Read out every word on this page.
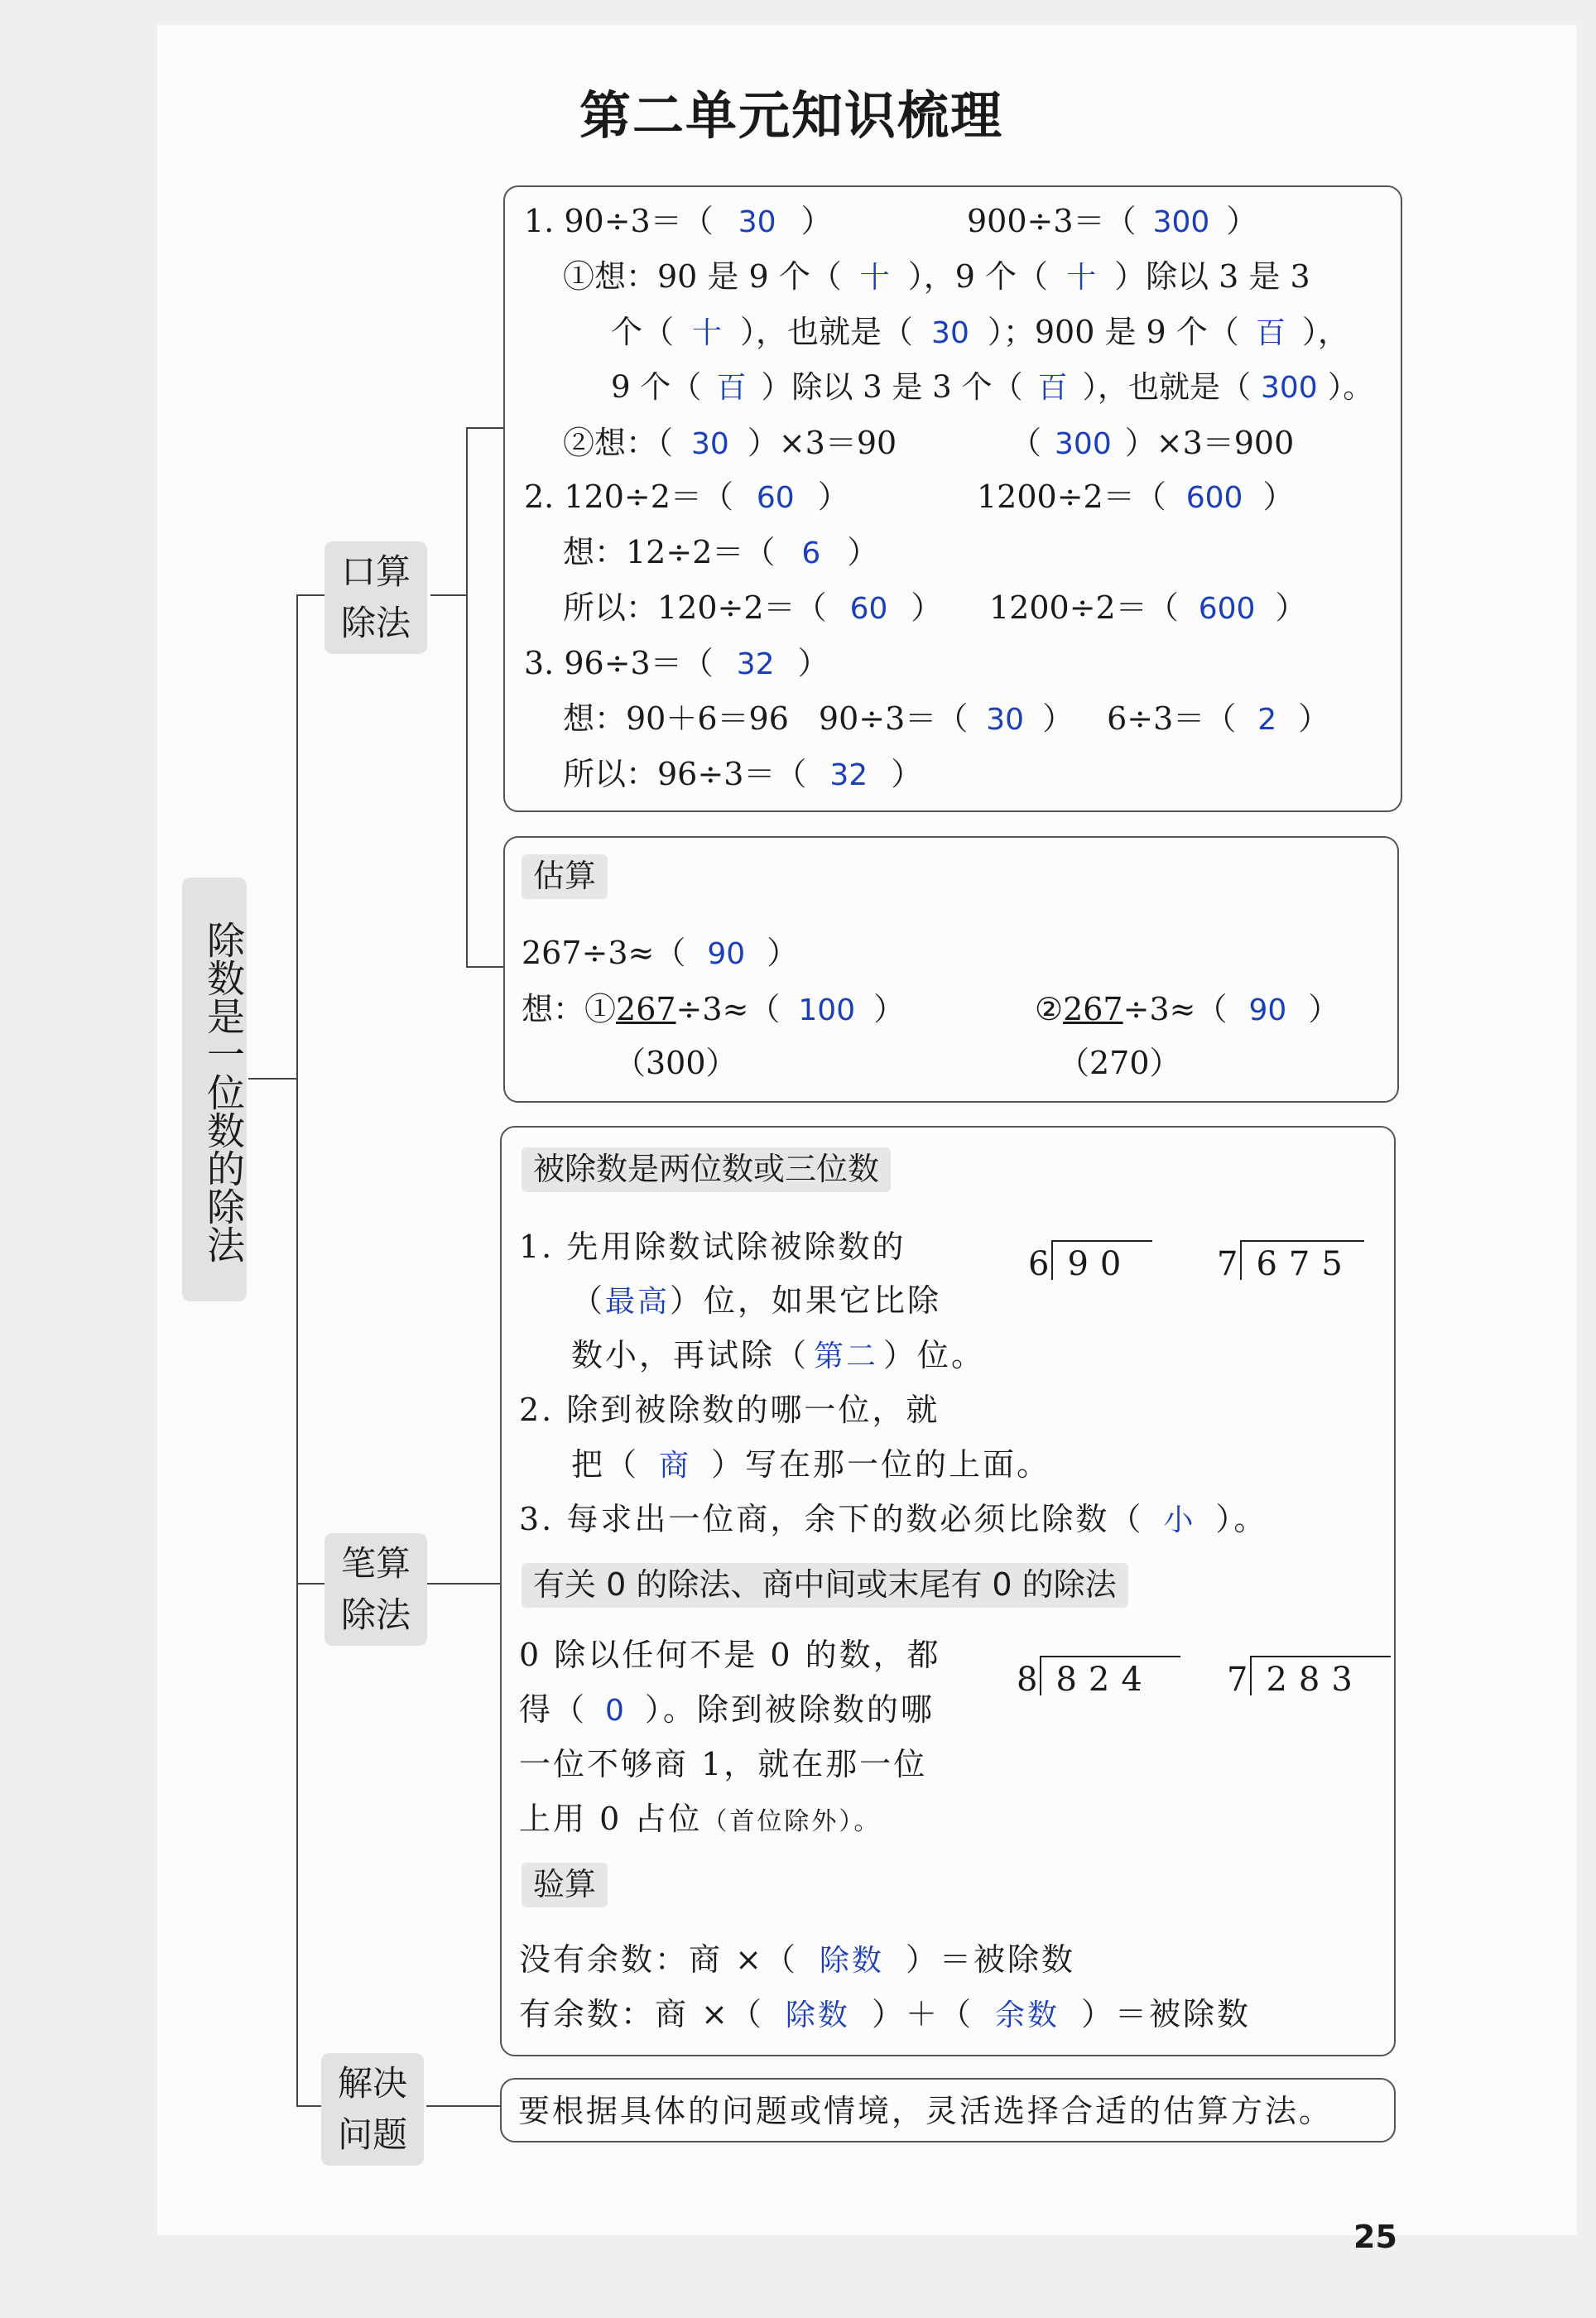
第二单元知识梳理
除数是一位数的除法
口算除法
笔算除法
解决问题
1. 90÷3＝（ 30 ）	900÷3＝（ 300 ）
①想：90 是 9 个（ 十 ），9 个（ 十 ）除以 3 是 3
个（ 十 ），也就是（ 30 ）；900 是 9 个（ 百 ），
9 个（ 百 ）除以 3 是 3 个（ 百 ），也就是（ 300 ）。
②想：（ 30 ）×3＝90	（ 300 ）×3＝900
2. 120÷2＝（ 60 ）	1200÷2＝（ 600 ）
想：12÷2＝（ 6 ）
所以：120÷2＝（ 60 ） 1200÷2＝（ 600 ）
3. 96÷3＝（ 32 ）
想：90＋6＝96 90÷3＝（ 30 ） 6÷3＝（ 2 ）
所以：96÷3＝（ 32 ）
估算
267÷3≈（ 90 ）
想：①267÷3≈（ 100 ）	②267÷3≈（ 90 ）
（300）	（270）
被除数是两位数或三位数
1. 先用除数试除被除数的
（最高）位，如果它比除
数小，再试除（ 第二 ）位。
2. 除到被除数的哪一位，就
把（ 商 ）写在那一位的上面。
3. 每求出一位商，余下的数必须比除数（ 小 ）。
6 90	7 675
有关 0 的除法、商中间或末尾有 0 的除法
0 除以任何不是 0 的数，都
得（ 0 ）。除到被除数的哪
一位不够商 1，就在那一位
上用 0 占位（首位除外）。
8 824 7 283
验算
没有余数：商 ×（ 除数 ）＝被除数
有余数：商 ×（ 除数 ）＋（ 余数 ）＝被除数
要根据具体的问题或情境，灵活选择合适的估算方法。
25
